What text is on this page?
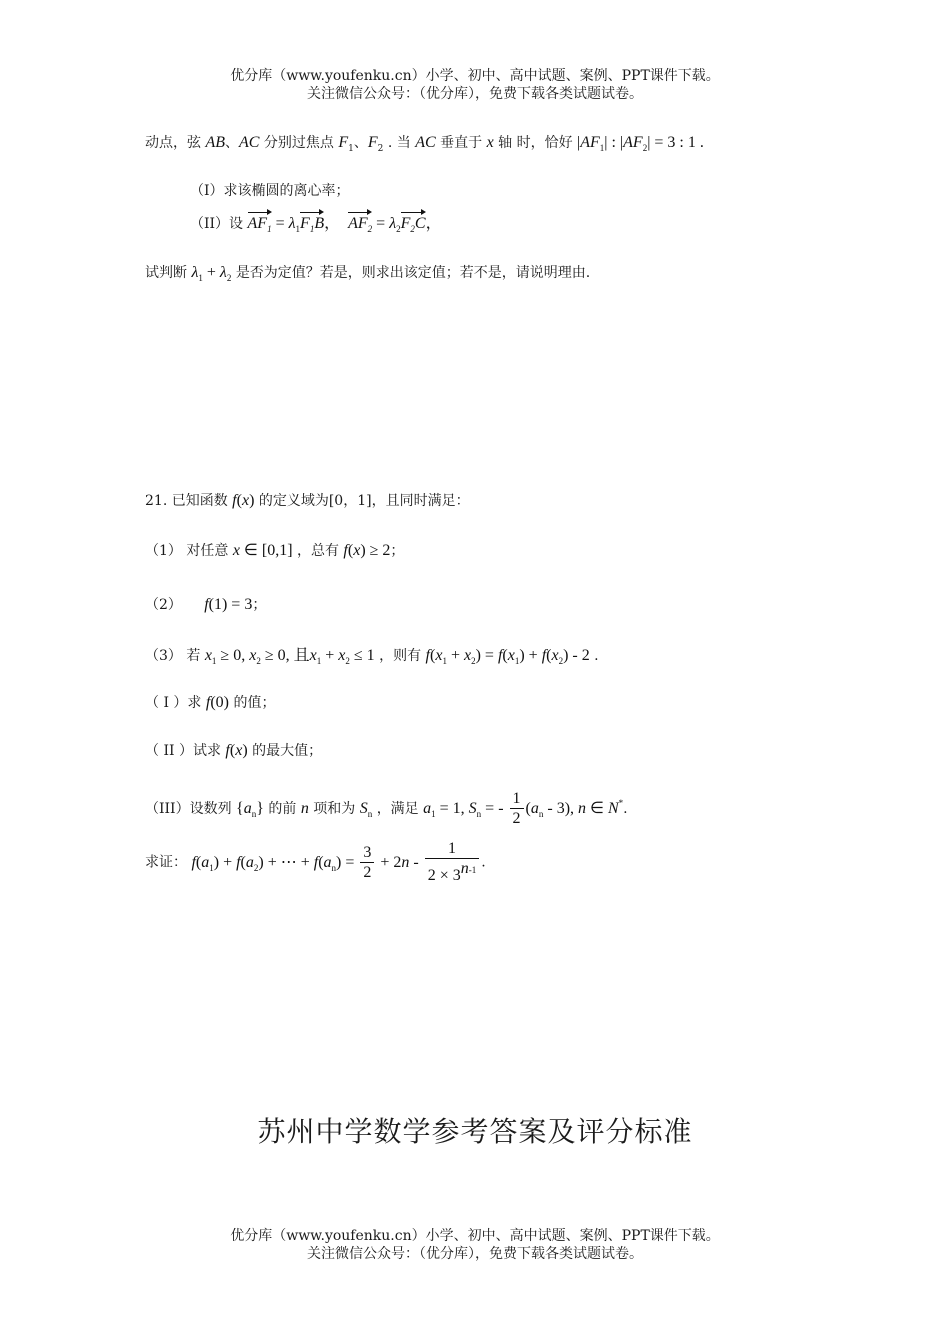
优分库（www.youfenku.cn）小学、初中、高中试题、案例、PPT课件下载。
关注微信公众号：（优分库），免费下载各类试题试卷。
动点，弦 AB、AC 分别过焦点 $F_1$、$F_2$ . 当 AC 垂直于 x 轴 时，恰好 $|AF_1|$ : $|AF_2| = 3$ : 1 .
（I）求该椭圆的离心率；
（II）设 $AF_1 = \lambda_1F_1B$，  $AF_2 = \lambda_2F_2C$，
试判断 $\lambda_1 + \lambda_2$ 是否为定值？若是，则求出该定值；若不是，请说明理由.
21. 已知函数 f(x) 的定义域为[0，1]，且同时满足：
（1） 对任意 x ∈ [0,1] ，总有 f(x) ≥ 2；
（2） f(1) = 3；
（3） 若 $x_1 \ge 0$, $x_2 \ge 0$, 且$x_1 + x_2 \le 1$ ，则有 $f(x_1 + x_2) = f(x_1) + f(x_2) - 2$ .
（ I ）求 f(0) 的值；
（ II ）试求 f(x) 的最大值；
（III）设数列 $\{a_n\}$ 的前 n 项和为 $S_n$ ，满足 $a_1 = 1$, $S_n$ = - $\frac{1}{2} (a_n - 3)$, n ∈ N*.
求证： $f(a_1) + f(a_2)$ + ⋯ + $f(a_n) = \frac{3}{2} + 2n - \frac{1}{2 \times 3^{n-1}}$ .
苏州中学数学参考答案及评分标准
优分库（www.youfenku.cn）小学、初中、高中试题、案例、PPT课件下载。
关注微信公众号：（优分库），免费下载各类试题试卷。
